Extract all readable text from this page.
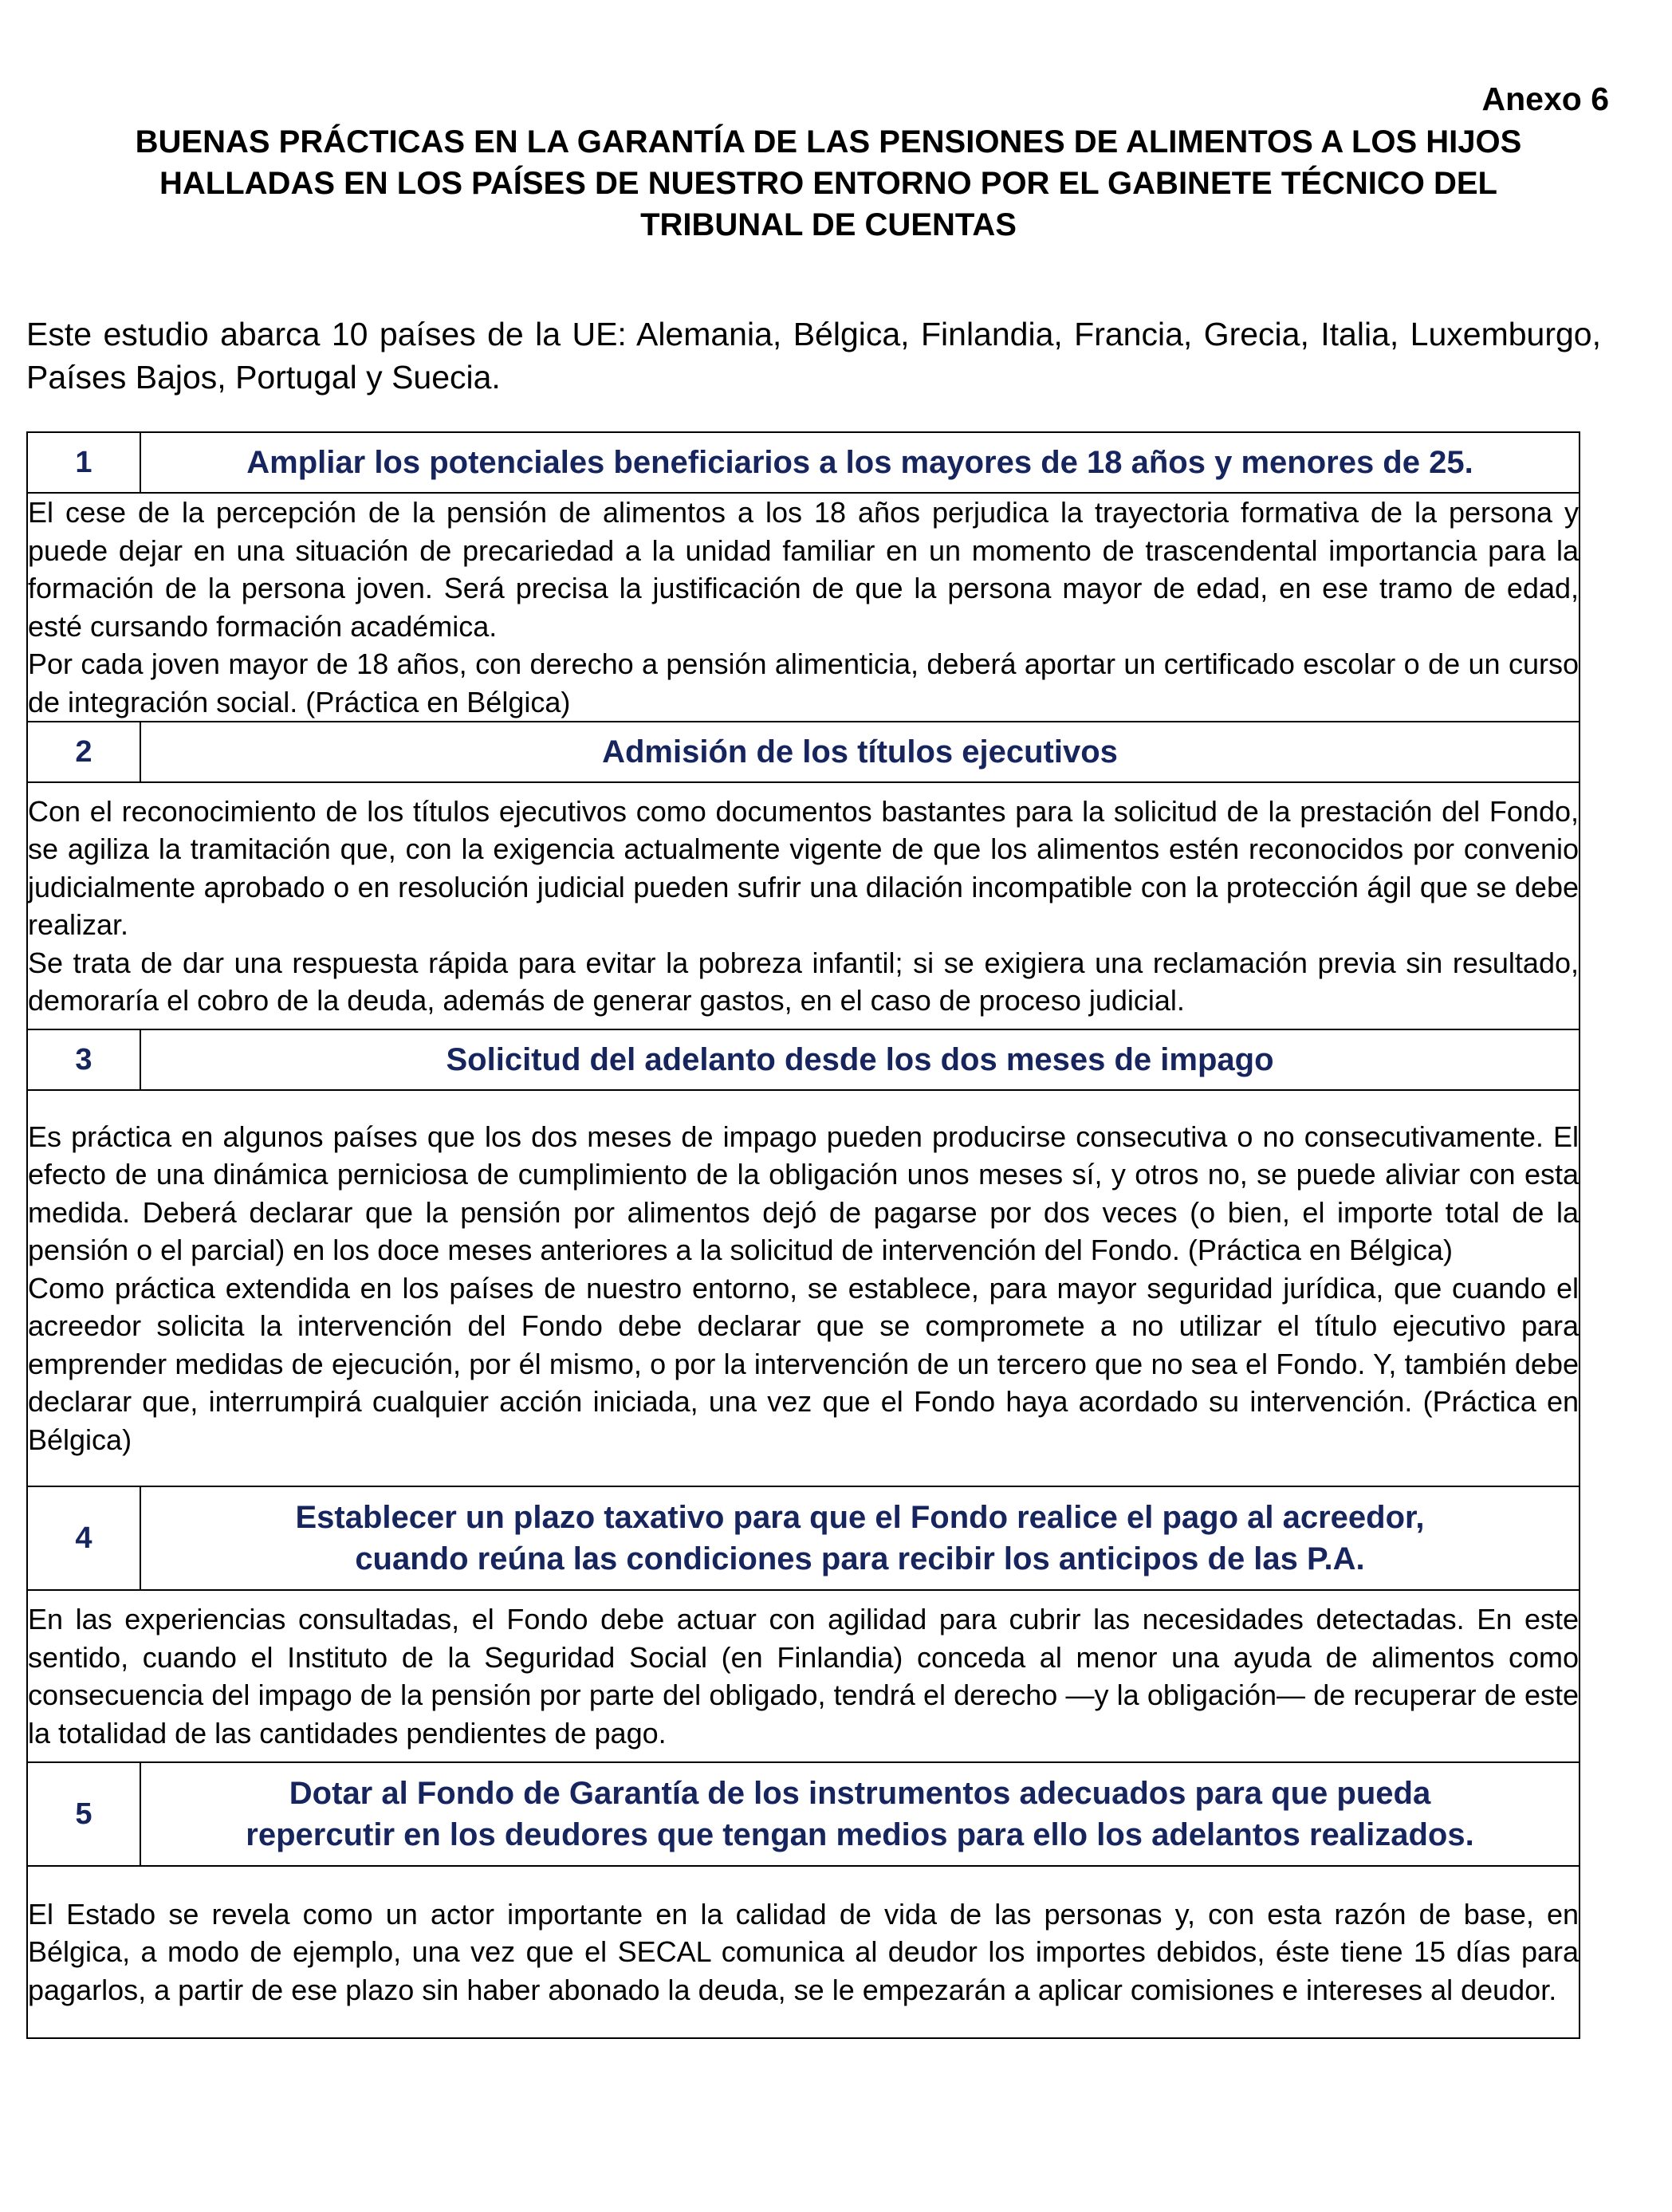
Anexo 6
BUENAS PRÁCTICAS EN LA GARANTÍA DE LAS PENSIONES DE ALIMENTOS A LOS HIJOS
HALLADAS EN LOS PAÍSES DE NUESTRO ENTORNO POR EL GABINETE TÉCNICO DEL
TRIBUNAL DE CUENTAS
Este estudio abarca 10 países de la UE: Alemania, Bélgica, Finlandia, Francia, Grecia, Italia, Luxemburgo, Países Bajos, Portugal y Suecia.
1	Ampliar los potenciales beneficiarios a los mayores de 18 años y menores de 25.

El cese de la percepción de la pensión de alimentos a los 18 años perjudica la trayectoria formativa de la persona y puede dejar en una situación de precariedad a la unidad familiar en un momento de trascendental importancia para la formación de la persona joven. Será precisa la justificación de que la persona mayor de edad, en ese tramo de edad, esté cursando formación académica.

Por cada joven mayor de 18 años, con derecho a pensión alimenticia, deberá aportar un certificado escolar o de un curso de integración social. (Práctica en Bélgica)	

2	Admisión de los títulos ejecutivos

Con el reconocimiento de los títulos ejecutivos como documentos bastantes para la solicitud de la prestación del Fondo, se agiliza la tramitación que, con la exigencia actualmente vigente de que los alimentos estén reconocidos por convenio judicialmente aprobado o en resolución judicial pueden sufrir una dilación incompatible con la protección ágil que se debe realizar.

Se trata de dar una respuesta rápida para evitar la pobreza infantil; si se exigiera una reclamación previa sin resultado, demoraría el cobro de la deuda, además de generar gastos, en el caso de proceso judicial.	

3	Solicitud del adelanto desde los dos meses de impago

Es práctica en algunos países que los dos meses de impago pueden producirse consecutiva o no consecutivamente. El efecto de una dinámica perniciosa de cumplimiento de la obligación unos meses sí, y otros no, se puede aliviar con esta medida. Deberá declarar que la pensión por alimentos dejó de pagarse por dos veces (o bien, el importe total de la pensión o el parcial) en los doce meses anteriores a la solicitud de intervención del Fondo. (Práctica en Bélgica)

Como práctica extendida en los países de nuestro entorno, se establece, para mayor seguridad jurídica, que cuando el acreedor solicita la intervención del Fondo debe declarar que se compromete a no utilizar el título ejecutivo para emprender medidas de ejecución, por él mismo, o por la intervención de un tercero que no sea el Fondo. Y, también debe declarar que, interrumpirá cualquier acción iniciada, una vez que el Fondo haya acordado su intervención. (Práctica en Bélgica)	

4	Establecer un plazo taxativo para que el Fondo realice el pago al acreedor,
cuando reúna las condiciones para recibir los anticipos de las P.A.

En las experiencias consultadas, el Fondo debe actuar con agilidad para cubrir las necesidades detectadas. En este sentido, cuando el Instituto de la Seguridad Social (en Finlandia) conceda al menor una ayuda de alimentos como consecuencia del impago de la pensión por parte del obligado, tendrá el derecho —y la obligación— de recuperar de este la totalidad de las cantidades pendientes de pago.	

5	Dotar al Fondo de Garantía de los instrumentos adecuados para que pueda
repercutir en los deudores que tengan medios para ello los adelantos realizados.

El Estado se revela como un actor importante en la calidad de vida de las personas y, con esta razón de base, en Bélgica, a modo de ejemplo, una vez que el SECAL comunica al deudor los importes debidos, éste tiene 15 días para pagarlos, a partir de ese plazo sin haber abonado la deuda, se le empezarán a aplicar comisiones e intereses al deudor.	
